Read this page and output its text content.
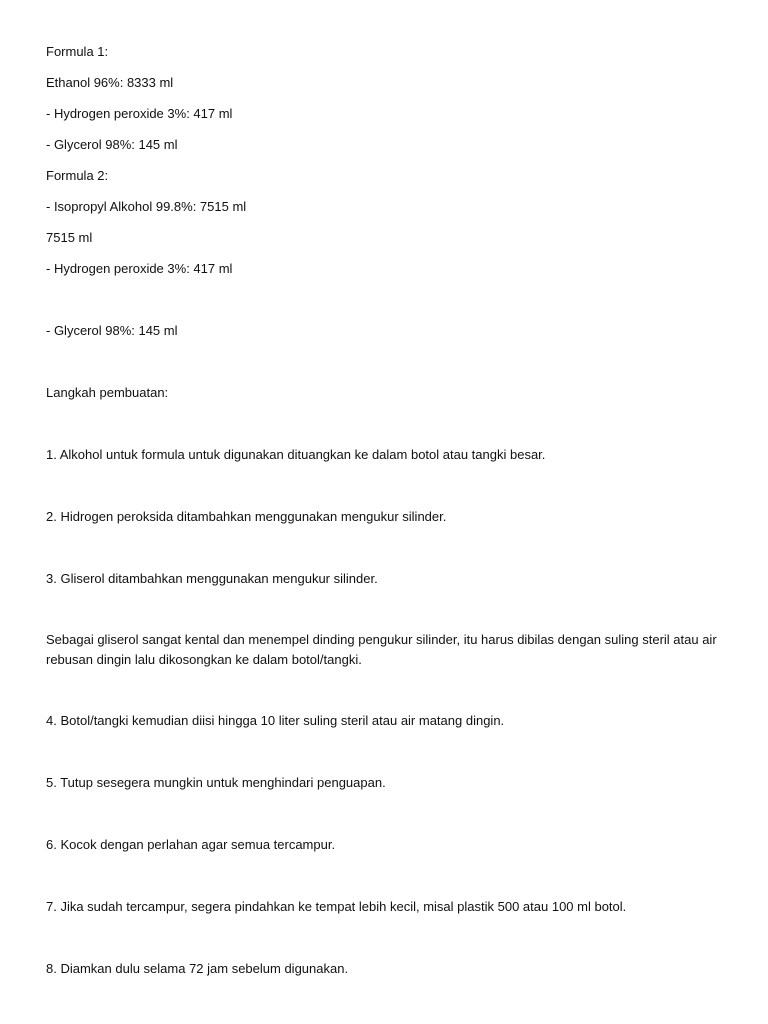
Formula 1:
Ethanol 96%: 8333 ml
- Hydrogen peroxide 3%: 417 ml
- Glycerol 98%: 145 ml
Formula 2:
- Isopropyl Alkohol 99.8%: 7515 ml
7515 ml
- Hydrogen peroxide 3%: 417 ml
- Glycerol 98%: 145 ml
Langkah pembuatan:
1. Alkohol untuk formula untuk digunakan dituangkan ke dalam botol atau tangki besar.
2. Hidrogen peroksida ditambahkan menggunakan mengukur silinder.
3. Gliserol ditambahkan menggunakan mengukur silinder.
Sebagai gliserol sangat kental dan menempel dinding pengukur silinder, itu harus dibilas dengan suling steril atau air rebusan dingin lalu dikosongkan ke dalam botol/tangki.
4. Botol/tangki kemudian diisi hingga 10 liter suling steril atau air matang dingin.
5. Tutup sesegera mungkin untuk menghindari penguapan.
6. Kocok dengan perlahan agar semua tercampur.
7. Jika sudah tercampur, segera pindahkan ke tempat lebih kecil, misal plastik 500 atau 100 ml botol.
8. Diamkan dulu selama 72 jam sebelum digunakan.
